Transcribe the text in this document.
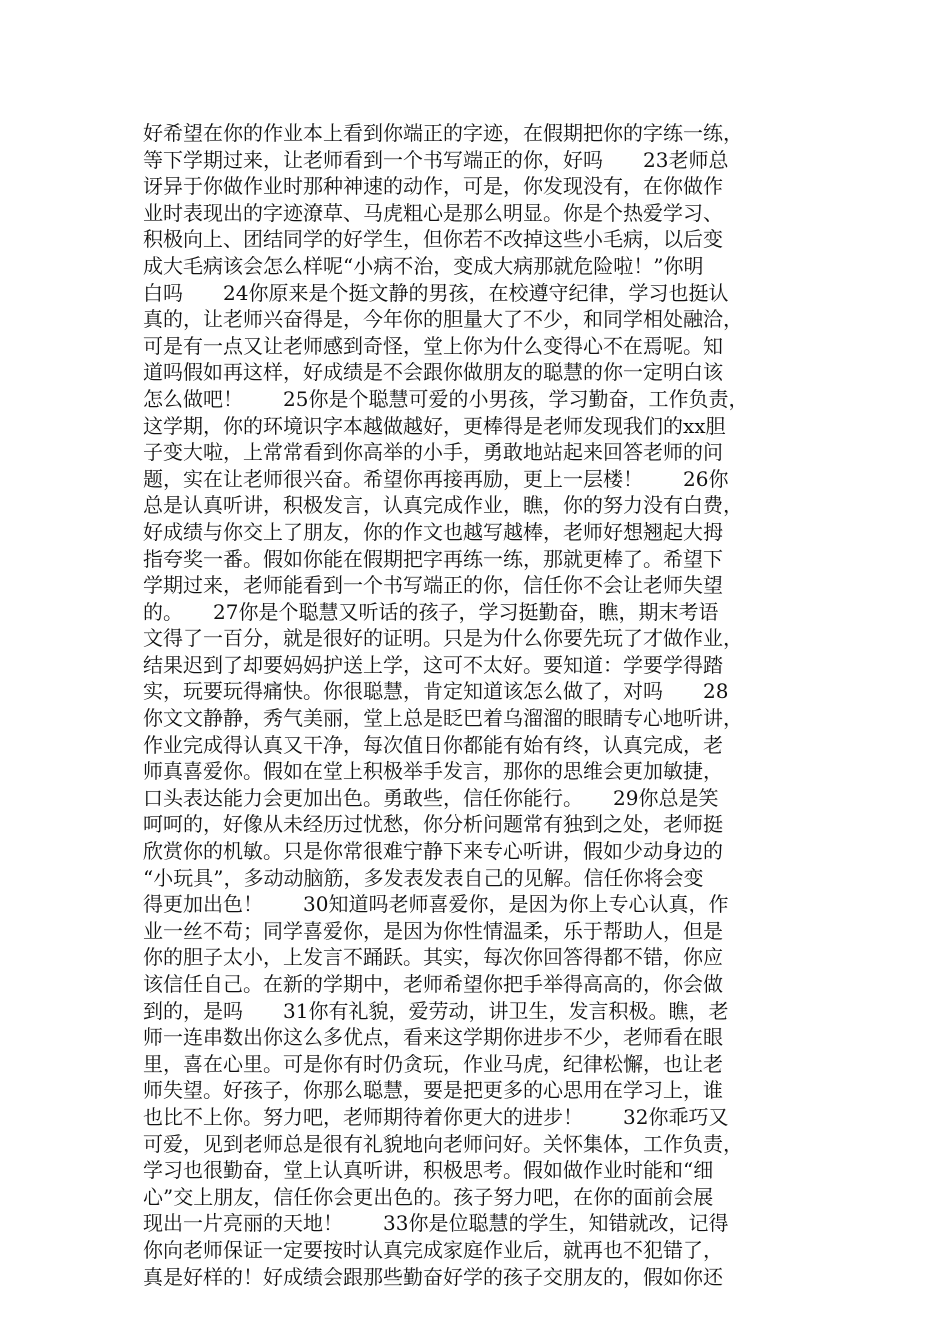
好希望在你的作业本上看到你端正的字迹，在假期把你的字练一练，
等下学期过来，让老师看到一个书写端正的你，好吗　　23老师总
讶异于你做作业时那种神速的动作，可是，你发现没有，在你做作
业时表现出的字迹潦草、马虎粗心是那么明显。你是个热爱学习、
积极向上、团结同学的好学生，但你若不改掉这些小毛病，以后变
成大毛病该会怎么样呢“小病不治，变成大病那就危险啦！”你明
白吗　　24你原来是个挺文静的男孩，在校遵守纪律，学习也挺认
真的，让老师兴奋得是，今年你的胆量大了不少，和同学相处融洽，
可是有一点又让老师感到奇怪，堂上你为什么变得心不在焉呢。知
道吗假如再这样，好成绩是不会跟你做朋友的聪慧的你一定明白该
怎么做吧！　　25你是个聪慧可爱的小男孩，学习勤奋，工作负责，
这学期，你的环境识字本越做越好，更棒得是老师发现我们的xx胆
子变大啦，上常常看到你高举的小手，勇敢地站起来回答老师的问
题，实在让老师很兴奋。希望你再接再励，更上一层楼！　　26你
总是认真听讲，积极发言，认真完成作业，瞧，你的努力没有白费，
好成绩与你交上了朋友，你的作文也越写越棒，老师好想翘起大拇
指夸奖一番。假如你能在假期把字再练一练，那就更棒了。希望下
学期过来，老师能看到一个书写端正的你，信任你不会让老师失望
的。　　27你是个聪慧又听话的孩子，学习挺勤奋，瞧，期末考语
文得了一百分，就是很好的证明。只是为什么你要先玩了才做作业，
结果迟到了却要妈妈护送上学，这可不太好。要知道：学要学得踏
实，玩要玩得痛快。你很聪慧，肯定知道该怎么做了，对吗　　28
你文文静静，秀气美丽，堂上总是眨巴着乌溜溜的眼睛专心地听讲，
作业完成得认真又干净，每次值日你都能有始有终，认真完成，老
师真喜爱你。假如在堂上积极举手发言，那你的思维会更加敏捷，
口头表达能力会更加出色。勇敢些，信任你能行。　　29你总是笑
呵呵的，好像从未经历过忧愁，你分析问题常有独到之处，老师挺
欣赏你的机敏。只是你常很难宁静下来专心听讲，假如少动身边的
“小玩具”，多动动脑筋，多发表发表自己的见解。信任你将会变
得更加出色！　　30知道吗老师喜爱你，是因为你上专心认真，作
业一丝不苟；同学喜爱你，是因为你性情温柔，乐于帮助人，但是
你的胆子太小，上发言不踊跃。其实，每次你回答得都不错，你应
该信任自己。在新的学期中，老师希望你把手举得高高的，你会做
到的，是吗　　31你有礼貌，爱劳动，讲卫生，发言积极。瞧，老
师一连串数出你这么多优点，看来这学期你进步不少，老师看在眼
里，喜在心里。可是你有时仍贪玩，作业马虎，纪律松懈，也让老
师失望。好孩子，你那么聪慧，要是把更多的心思用在学习上，谁
也比不上你。努力吧，老师期待着你更大的进步！　　32你乖巧又
可爱，见到老师总是很有礼貌地向老师问好。关怀集体，工作负责，
学习也很勤奋，堂上认真听讲，积极思考。假如做作业时能和“细
心”交上朋友，信任你会更出色的。孩子努力吧，在你的面前会展
现出一片亮丽的天地！　　33你是位聪慧的学生，知错就改，记得
你向老师保证一定要按时认真完成家庭作业后，就再也不犯错了，
真是好样的！好成绩会跟那些勤奋好学的孩子交朋友的，假如你还
